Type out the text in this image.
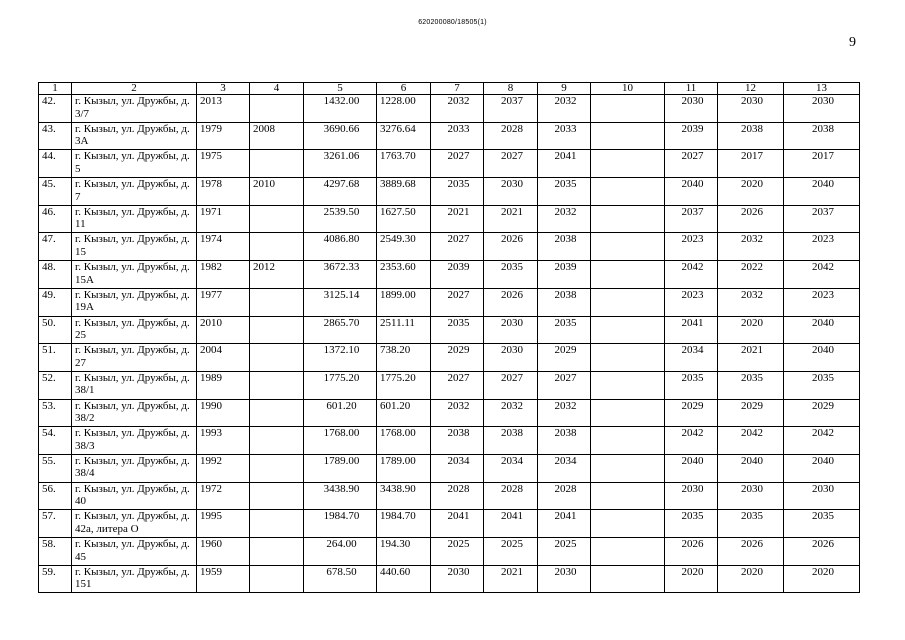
620200080/18505(1)
9
1	2	3	4	5	6	7	8	9	10	11	12	13
42.	г. Кызыл, ул. Дружбы, д. 3/7	2013		1432.00	1228.00	2032	2037	2032		2030	2030	2030
43.	г. Кызыл, ул. Дружбы, д. 3А	1979	2008	3690.66	3276.64	2033	2028	2033		2039	2038	2038
44.	г. Кызыл, ул. Дружбы, д. 5	1975		3261.06	1763.70	2027	2027	2041		2027	2017	2017
45.	г. Кызыл, ул. Дружбы, д. 7	1978	2010	4297.68	3889.68	2035	2030	2035		2040	2020	2040
46.	г. Кызыл, ул. Дружбы, д. 11	1971		2539.50	1627.50	2021	2021	2032		2037	2026	2037
47.	г. Кызыл, ул. Дружбы, д. 15	1974		4086.80	2549.30	2027	2026	2038		2023	2032	2023
48.	г. Кызыл, ул. Дружбы, д. 15А	1982	2012	3672.33	2353.60	2039	2035	2039		2042	2022	2042
49.	г. Кызыл, ул. Дружбы, д. 19А	1977		3125.14	1899.00	2027	2026	2038		2023	2032	2023
50.	г. Кызыл, ул. Дружбы, д. 25	2010		2865.70	2511.11	2035	2030	2035		2041	2020	2040
51.	г. Кызыл, ул. Дружбы, д. 27	2004		1372.10	738.20	2029	2030	2029		2034	2021	2040
52.	г. Кызыл, ул. Дружбы, д. 38/1	1989		1775.20	1775.20	2027	2027	2027		2035	2035	2035
53.	г. Кызыл, ул. Дружбы, д. 38/2	1990		601.20	601.20	2032	2032	2032		2029	2029	2029
54.	г. Кызыл, ул. Дружбы, д. 38/3	1993		1768.00	1768.00	2038	2038	2038		2042	2042	2042
55.	г. Кызыл, ул. Дружбы, д. 38/4	1992		1789.00	1789.00	2034	2034	2034		2040	2040	2040
56.	г. Кызыл, ул. Дружбы, д. 40	1972		3438.90	3438.90	2028	2028	2028		2030	2030	2030
57.	г. Кызыл, ул. Дружбы, д. 42а, литера О	1995		1984.70	1984.70	2041	2041	2041		2035	2035	2035
58.	г. Кызыл, ул. Дружбы, д. 45	1960		264.00	194.30	2025	2025	2025		2026	2026	2026
59.	г. Кызыл, ул. Дружбы, д. 151	1959		678.50	440.60	2030	2021	2030		2020	2020	2020
